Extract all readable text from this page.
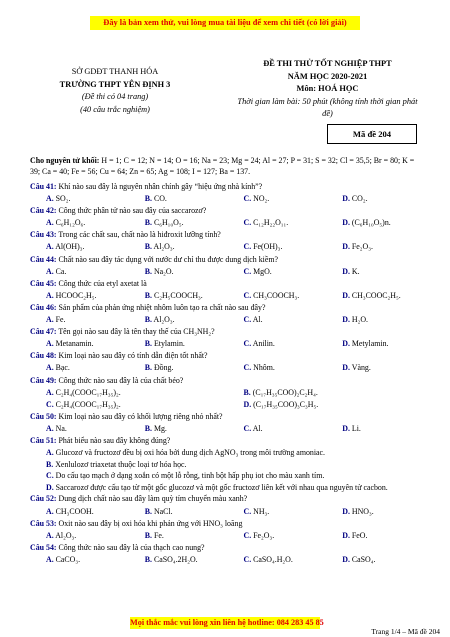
Đây là bản xem thử, vui lòng mua tài liệu để xem chi tiết (có lời giải)
SỞ GDĐT THANH HÓA
TRƯỜNG THPT YÊN ĐỊNH 3
(Đề thi có 04 trang)
(40 câu trắc nghiệm)
ĐỀ THI THỬ TỐT NGHIỆP THPT
NĂM HỌC 2020-2021
Môn: HOÁ HỌC
Thời gian làm bài: 50 phút (không tính thời gian phát đề)
Mã đề 204
Cho nguyên tử khối: H = 1; C = 12; N = 14; O = 16; Na = 23; Mg = 24; Al = 27; P = 31; S = 32; Cl = 35,5; Br = 80; K = 39; Ca = 40; Fe = 56; Cu = 64; Zn = 65; Ag = 108; I = 127; Ba = 137.
Câu 41: Khí nào sau đây là nguyên nhân chính gây “hiệu ứng nhà kính”?
A. SO₂.	B. CO.	C. NO₂.	D. CO₂.
Câu 42: Công thức phân tử nào sau đây của saccarozơ?
A. C₆H₁₂O₆.	B. C₆H₁₀O₅.	C. C₁₂H₂₂O₁₁.	D. (C₆H₁₀O₅)n.
Câu 43: Trong các chất sau, chất nào là hiđroxit lưỡng tính?
A. Al(OH)₃.	B. Al₂O₃.	C. Fe(OH)₃.	D. Fe₂O₃.
Câu 44: Chất nào sau đây tác dụng với nước dư chỉ thu được dung dịch kiềm?
A. Ca.	B. Na₂O.	C. MgO.	D. K.
Câu 45: Công thức của etyl axetat là
A. HCOOC₂H₅.	B. C₂H₅COOCH₃.	C. CH₃COOCH₃.	D. CH₃COOC₂H₅.
Câu 46: Sản phẩm của phản ứng nhiệt nhôm luôn tạo ra chất nào sau đây?
A. Fe.	B. Al₂O₃.	C. Al.	D. H₂O.
Câu 47: Tên gọi nào sau đây là tên thay thế của CH₃NH₂?
A. Metanamin.	B. Etylamin.	C. Anilin.	D. Metylamin.
Câu 48: Kim loại nào sau đây có tính dẫn điện tốt nhất?
A. Bạc.	B. Đồng.	C. Nhôm.	D. Vàng.
Câu 49: Công thức nào sau đây là của chất béo?
A. C₂H₄(COOC₁₇H₃₅)₂.	B. (C₁₇H₃₅COO)₂C₂H₄.
C. C₂H₄(COOC₁₇H₃₅)₂.	D. (C₁₇H₃₅COO)₃C₃H₅.
Câu 50: Kim loại nào sau đây có khối lượng riêng nhỏ nhất?
A. Na.	B. Mg.	C. Al.	D. Li.
Câu 51: Phát biểu nào sau đây không đúng?
A. Glucozơ và fructozơ đều bị oxi hóa bởi dung dịch AgNO₃ trong môi trường amoniac.
B. Xenlulozơ triaxetat thuộc loại tơ hóa học.
C. Do cấu tạo mạch ở dạng xoắn có một lỗ rỗng, tinh bột hấp phụ iot cho màu xanh tím.
D. Saccarozơ được cấu tạo từ một gốc glucozơ và một gốc fructozơ liên kết với nhau qua nguyên tử cacbon.
Câu 52: Dung dịch chất nào sau đây làm quỳ tím chuyển màu xanh?
A. CH₃COOH.	B. NaCl.	C. NH₃.	D. HNO₃.
Câu 53: Oxit nào sau đây bị oxi hóa khi phản ứng với HNO₃ loãng
A. Al₂O₃.	B. Fe.	C. Fe₂O₃.	D. FeO.
Câu 54: Công thức nào sau đây là của thạch cao nung?
A. CaCO₃.	B. CaSO₄.2H₂O.	C. CaSO₄.H₂O.	D. CaSO₄.
Mọi thắc mắc vui lòng xin liên hệ hotline: 084 283 45 85
Trang 1/4 – Mã đề 204
